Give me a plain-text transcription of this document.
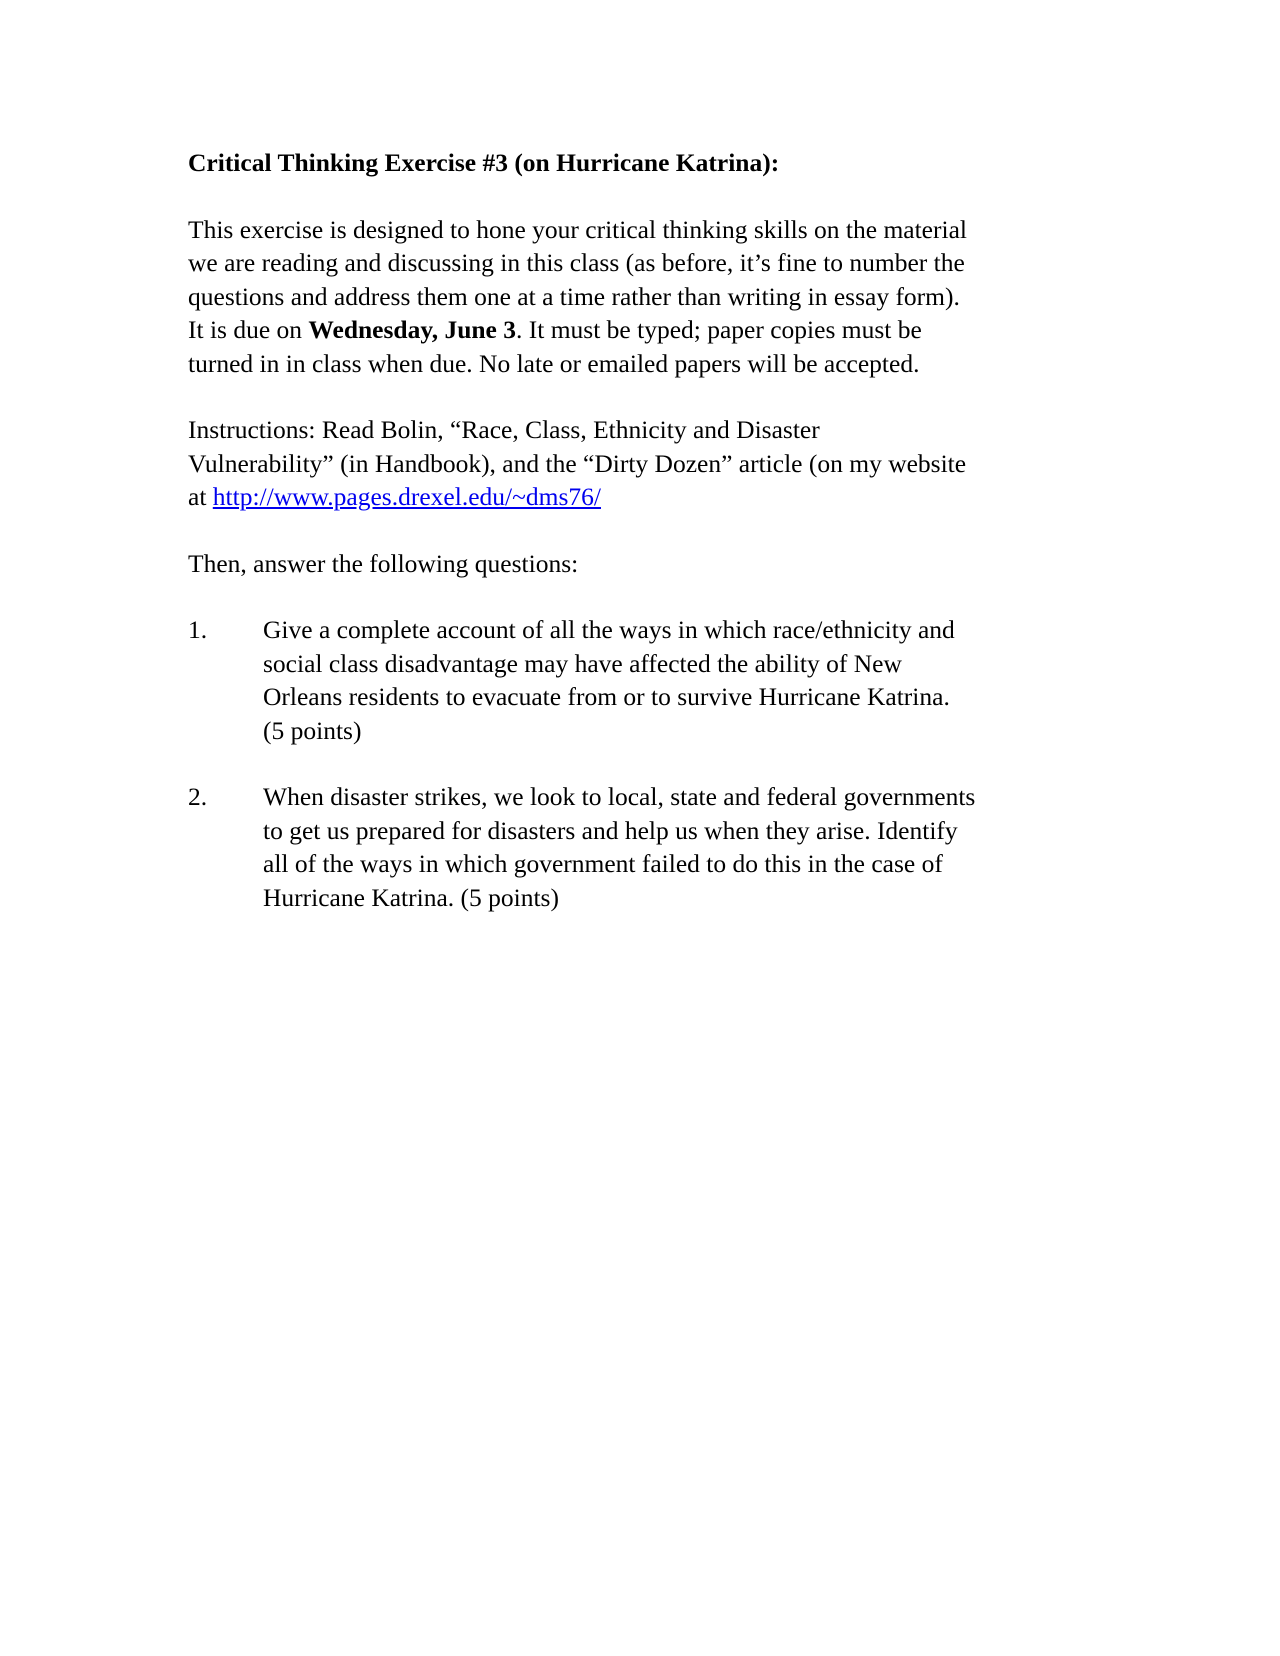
Critical Thinking Exercise #3 (on Hurricane Katrina):
This exercise is designed to hone your critical thinking skills on the material
we are reading and discussing in this class (as before, it’s fine to number the
questions and address them one at a time rather than writing in essay form).
It is due on Wednesday, June 3. It must be typed; paper copies must be
turned in in class when due. No late or emailed papers will be accepted.
Instructions: Read Bolin, “Race, Class, Ethnicity and Disaster
Vulnerability” (in Handbook), and the “Dirty Dozen” article (on my website
at http://www.pages.drexel.edu/~dms76/
Then, answer the following questions:
1.	Give a complete account of all the ways in which race/ethnicity and
social class disadvantage may have affected the ability of New
Orleans residents to evacuate from or to survive Hurricane Katrina.
(5 points)
2.	When disaster strikes, we look to local, state and federal governments
to get us prepared for disasters and help us when they arise. Identify
all of the ways in which government failed to do this in the case of
Hurricane Katrina. (5 points)
